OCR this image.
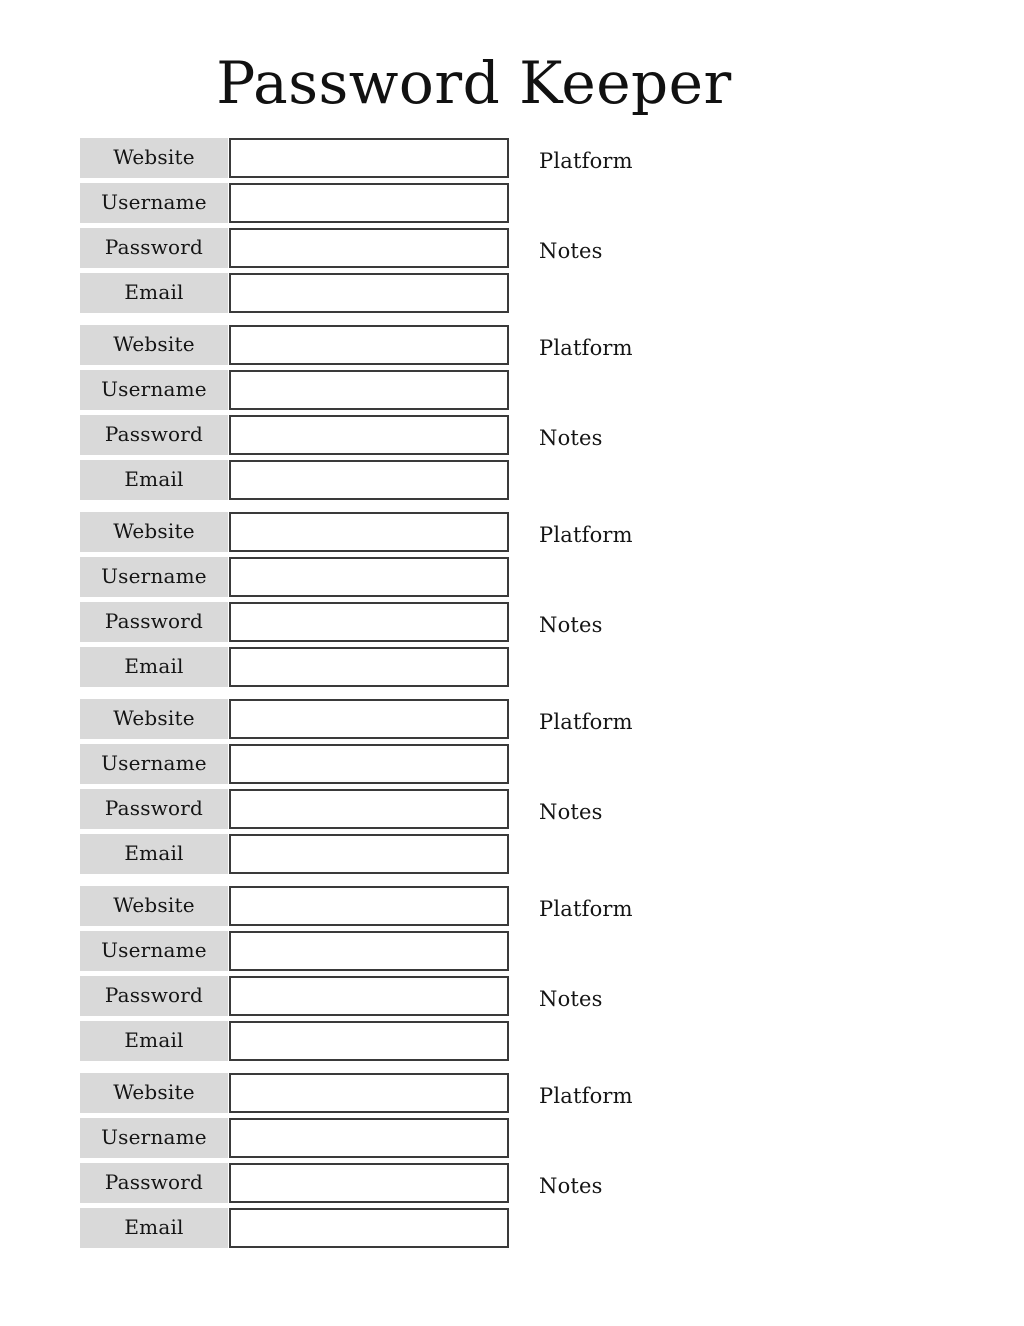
Password Keeper
Website
Username
Password
Email
Platform
Notes
Website
Username
Password
Email
Platform
Notes
Website
Username
Password
Email
Platform
Notes
Website
Username
Password
Email
Platform
Notes
Website
Username
Password
Email
Platform
Notes
Website
Username
Password
Email
Platform
Notes
